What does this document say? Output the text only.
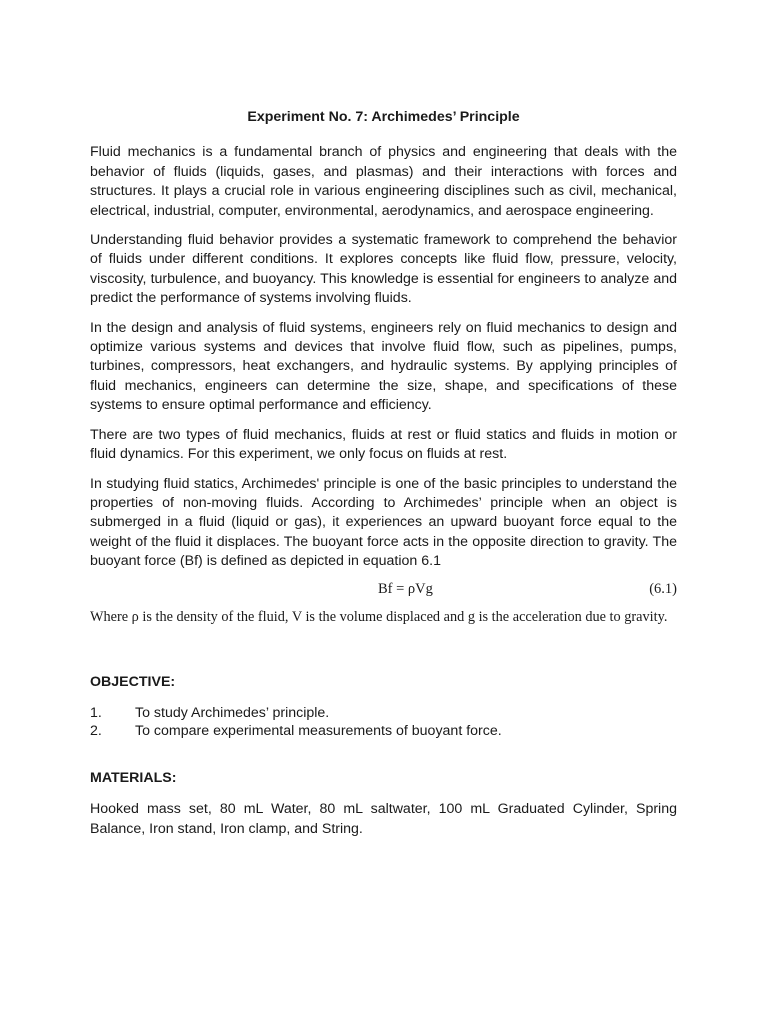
Experiment No. 7: Archimedes’ Principle

Fluid mechanics is a fundamental branch of physics and engineering that deals with the behavior of fluids (liquids, gases, and plasmas) and their interactions with forces and structures. It plays a crucial role in various engineering disciplines such as civil, mechanical, electrical, industrial, computer, environmental, aerodynamics, and aerospace engineering.

Understanding fluid behavior provides a systematic framework to comprehend the behavior of fluids under different conditions. It explores concepts like fluid flow, pressure, velocity, viscosity, turbulence, and buoyancy. This knowledge is essential for engineers to analyze and predict the performance of systems involving fluids.

In the design and analysis of fluid systems, engineers rely on fluid mechanics to design and optimize various systems and devices that involve fluid flow, such as pipelines, pumps, turbines, compressors, heat exchangers, and hydraulic systems. By applying principles of fluid mechanics, engineers can determine the size, shape, and specifications of these systems to ensure optimal performance and efficiency.

There are two types of fluid mechanics, fluids at rest or fluid statics and fluids in motion or fluid dynamics. For this experiment, we only focus on fluids at rest.

In studying fluid statics, Archimedes' principle is one of the basic principles to understand the properties of non-moving fluids. According to Archimedes’ principle when an object is submerged in a fluid (liquid or gas), it experiences an upward buoyant force equal to the weight of the fluid it displaces. The buoyant force acts in the opposite direction to gravity. The buoyant force (Bf) is defined as depicted in equation 6.1

Bf = ρVg	(6.1)

Where ρ is the density of the fluid, V is the volume displaced and g is the acceleration due to gravity.

OBJECTIVE:

1. To study Archimedes’ principle.
2. To compare experimental measurements of buoyant force.

MATERIALS:

Hooked mass set, 80 mL Water, 80 mL saltwater, 100 mL Graduated Cylinder, Spring Balance, Iron stand, Iron clamp, and String.
